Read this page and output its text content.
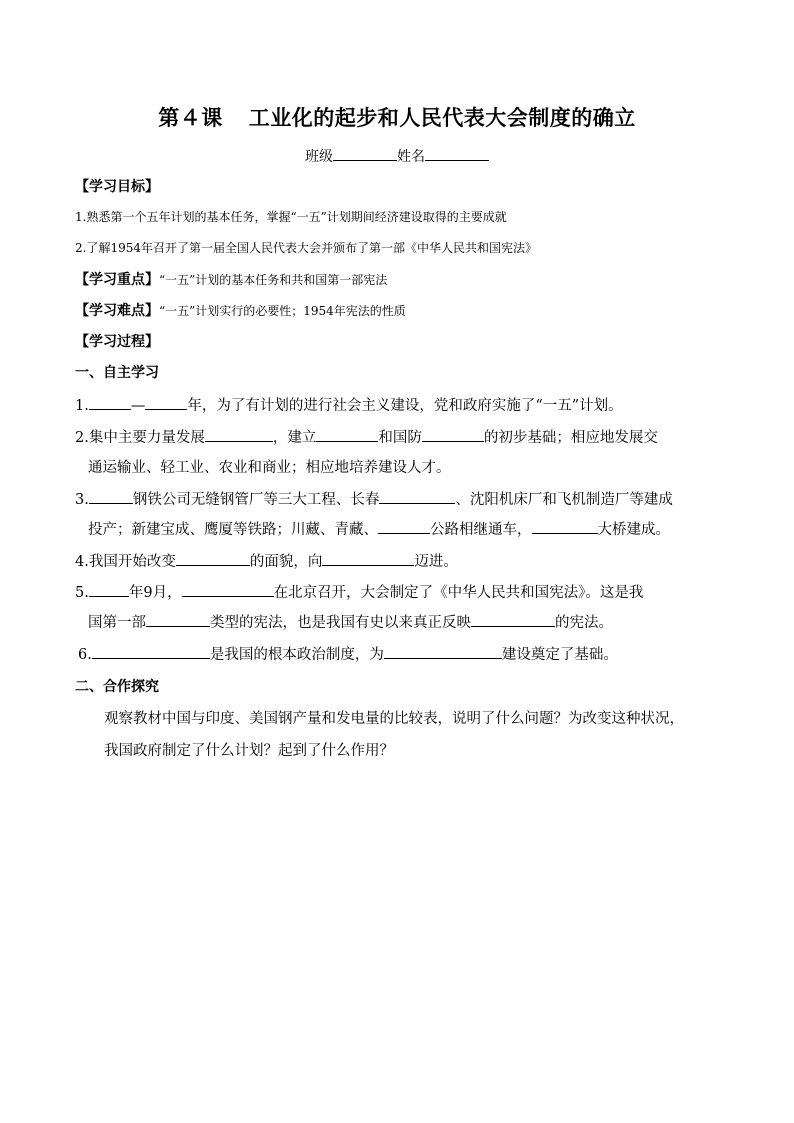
第４课 工业化的起步和人民代表大会制度的确立
班级	姓名
【学习目标】
1.熟悉第一个五年计划的基本任务，掌握“一五”计划期间经济建设取得的主要成就
2.了解1954年召开了第一届全国人民代表大会并颁布了第一部《中华人民共和国宪法》
【学习重点】“一五”计划的基本任务和共和国第一部宪法
【学习难点】“一五”计划实行的必要性；1954年宪法的性质
【学习过程】
一、自主学习
1.	—	年，为了有计划的进行社会主义建设，党和政府实施了“一五”计划。
2.集中主要力量发展	，建立	和国防	的初步基础；相应地发展交
通运输业、轻工业、农业和商业；相应地培养建设人才。
3.	钢铁公司无缝钢管厂等三大工程、长春	、沈阳机床厂和飞机制造厂等建成
投产；新建宝成、鹰厦等铁路；川藏、青藏、	公路相继通车，	大桥建成。
4.我国开始改变	的面貌，向	迈进。
5.	年9月，	在北京召开，大会制定了《中华人民共和国宪法》。这是我
国第一部	类型的宪法，也是我国有史以来真正反映	的宪法。
6.	是我国的根本政治制度，为	建设奠定了基础。
二、合作探究
观察教材中国与印度、美国钢产量和发电量的比较表，说明了什么问题？为改变这种状况，
我国政府制定了什么计划？起到了什么作用？
